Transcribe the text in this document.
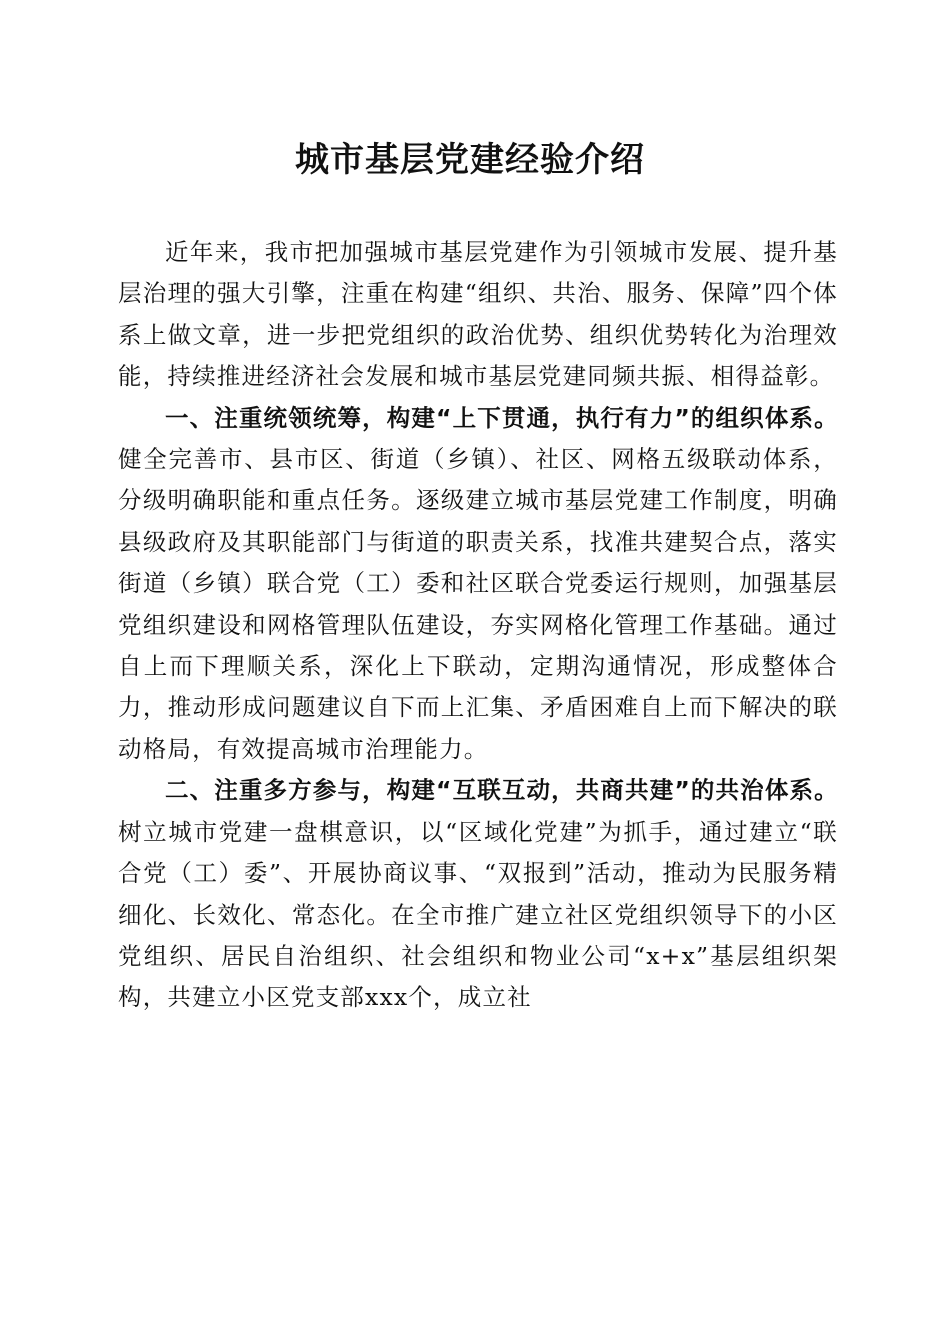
城市基层党建经验介绍

近年来，我市把加强城市基层党建作为引领城市发展、提升基层治理的强大引擎，注重在构建“组织、共治、服务、保障”四个体系上做文章，进一步把党组织的政治优势、组织优势转化为治理效能，持续推进经济社会发展和城市基层党建同频共振、相得益彰。

一、注重统领统筹，构建“上下贯通，执行有力”的组织体系。健全完善市、县市区、街道（乡镇）、社区、网格五级联动体系，分级明确职能和重点任务。逐级建立城市基层党建工作制度，明确县级政府及其职能部门与街道的职责关系，找准共建契合点，落实街道（乡镇）联合党（工）委和社区联合党委运行规则，加强基层党组织建设和网格管理队伍建设，夯实网格化管理工作基础。通过自上而下理顺关系，深化上下联动，定期沟通情况，形成整体合力，推动形成问题建议自下而上汇集、矛盾困难自上而下解决的联动格局，有效提高城市治理能力。

二、注重多方参与，构建“互联互动，共商共建”的共治体系。树立城市党建一盘棋意识，以“区域化党建”为抓手，通过建立“联合党（工）委”、开展协商议事、“双报到”活动，推动为民服务精细化、长效化、常态化。在全市推广建立社区党组织领导下的小区党组织、居民自治组织、社会组织和物业公司“x+x”基层组织架构，共建立小区党支部xxx个，成立社
